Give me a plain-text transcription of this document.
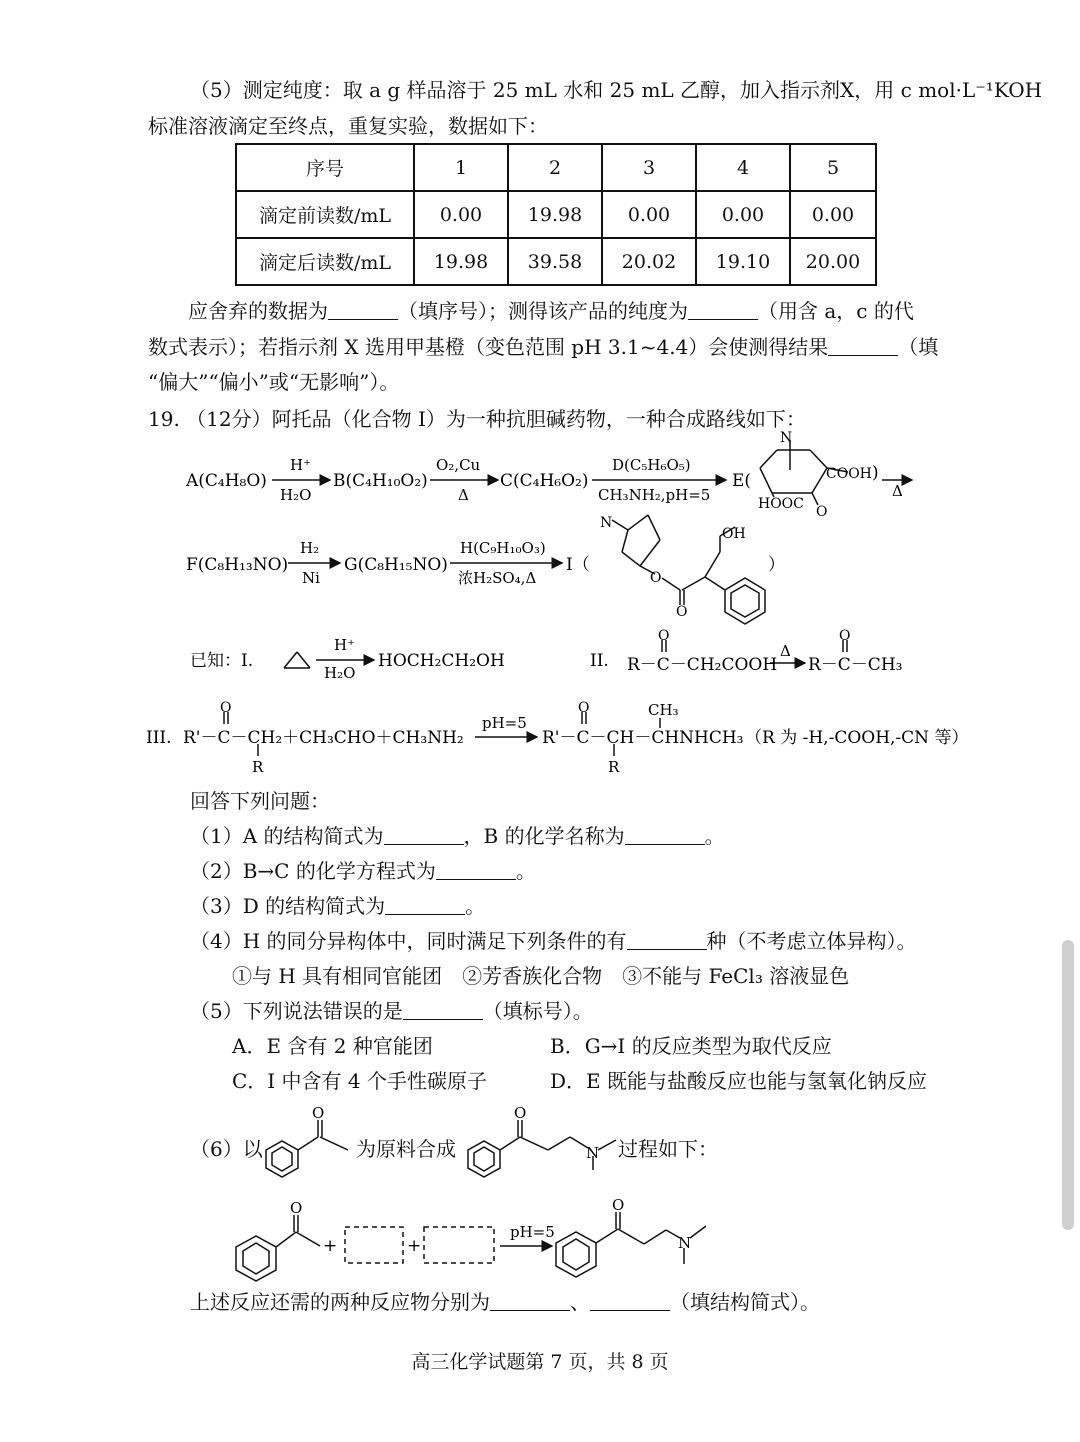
（5）测定纯度：取 a g 样品溶于 25 mL 水和 25 mL 乙醇，加入指示剂X，用 c mol·L⁻¹KOH
标准溶液滴定至终点，重复实验，数据如下：
序号	1	2	3	4	5
滴定前读数/mL	0.00	19.98	0.00	0.00	0.00
滴定后读数/mL	19.98	39.58	20.02	19.10	20.00
应舍弃的数据为	（填序号）；测得该产品的纯度为	（用含 a，c 的代
数式表示）；若指示剂 X 选用甲基橙（变色范围 pH 3.1~4.4）会使测得结果	（填
“偏大”“偏小”或“无影响”）。
19. （12分）阿托品（化合物 I）为一种抗胆碱药物，一种合成路线如下：
A(C₄H₈O)
H⁺
H₂O
B(C₄H₁₀O₂)
O₂,Cu
Δ
C(C₄H₆O₂)
D(C₅H₆O₅)
CH₃NH₂,pH=5
E(
N
COOH
HOOC O
)
Δ
F(C₈H₁₃NO)
H₂
Ni
G(C₈H₁₅NO)
H(C₉H₁₀O₃)
浓H₂SO₄,Δ
I（
N
O
O
OH
）
已知：I.
H⁺
H₂O
HOCH₂CH₂OH	II.
O
R－C－CH₂COOH
Δ
O
R－C－CH₃
III.
O
R'－C－CH₂＋CH₃CHO＋CH₃NH₂
R
pH=5
O
R'－C－CH－CHNHCH₃
CH₃
R
（R 为 -H,-COOH,-CN 等）
回答下列问题：
（1）A 的结构简式为	，B 的化学名称为	。
（2）B→C 的化学方程式为	。
（3）D 的结构简式为	。
（4）H 的同分异构体中，同时满足下列条件的有	种（不考虑立体异构）。
①与 H 具有相同官能团　②芳香族化合物　③不能与 FeCl₃ 溶液显色
（5）下列说法错误的是	（填标号）。
A．E 含有 2 种官能团	B．G→I 的反应类型为取代反应
C．I 中含有 4 个手性碳原子	D．E 既能与盐酸反应也能与氢氧化钠反应
（6）以	为原料合成	过程如下：
O	O
N
O
+	+
pH=5
O
N
上述反应还需的两种反应物分别为	、	（填结构简式）。
高三化学试题第 7 页，共 8 页
